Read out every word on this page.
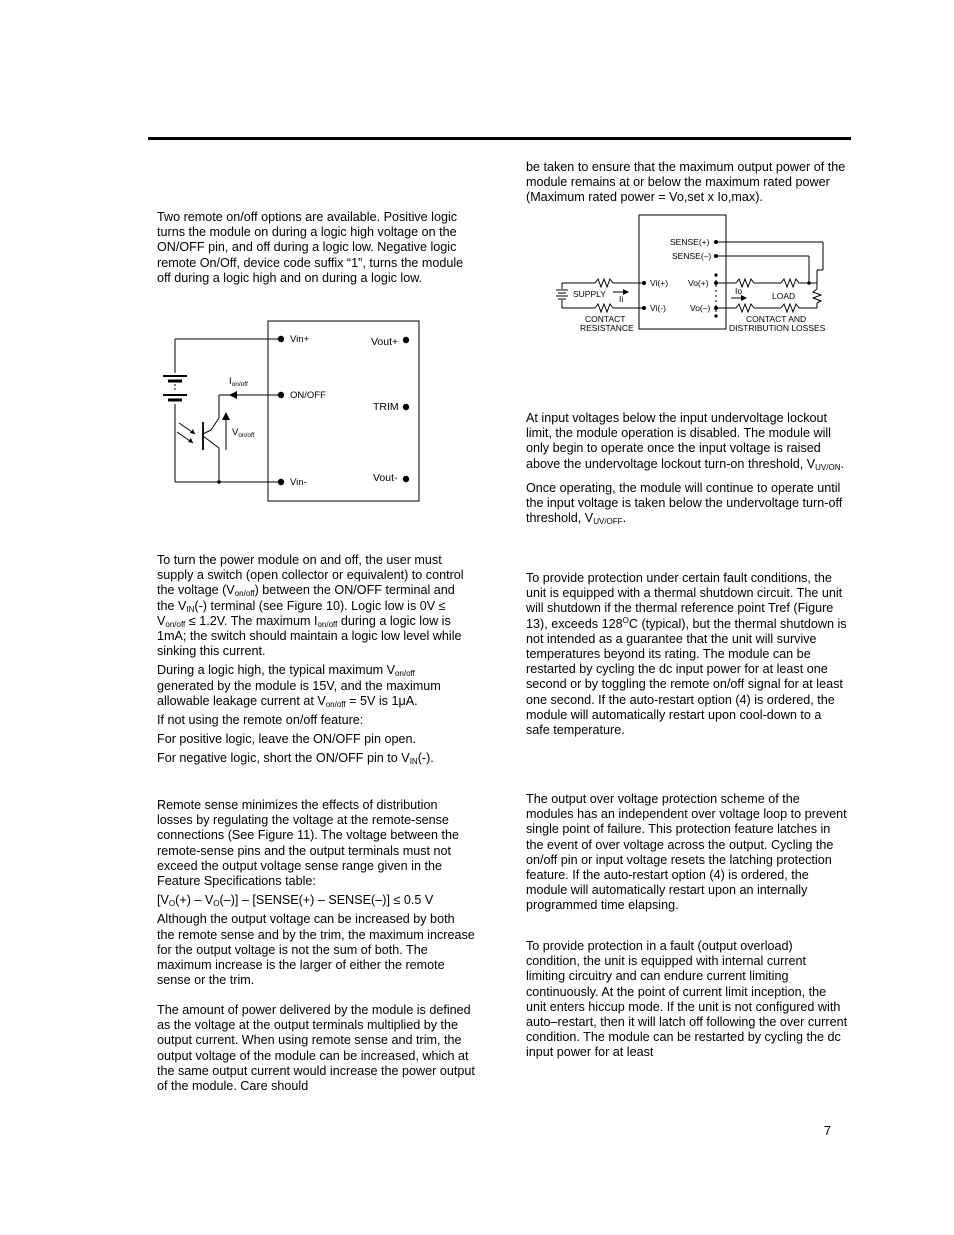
Two remote on/off options are available. Positive logic turns the module on during a logic high voltage on the ON/OFF pin, and off during a logic low. Negative logic remote On/Off, device code suffix “1”, turns the module off during a logic high and on during a logic low.

Vin+
ON/OFF
Vin-
Vout+
TRIM
Vout-
$I_{on/off}$
$V_{on/off}$

To turn the power module on and off, the user must supply a switch (open collector or equivalent) to control the voltage $(V_{on/off})$ between the ON/OFF terminal and the $V_{IN}(-)$ terminal (see Figure 10). Logic low is $0V \le V_{on/off} \le 1.2V$. The maximum $I_{on/off}$ during a logic low is 1mA; the switch should maintain a logic low level while sinking this current.

During a logic high, the typical maximum $V_{on/off}$ generated by the module is 15V, and the maximum allowable leakage current at $V_{on/off} = 5V$ is 1μA.

If not using the remote on/off feature:

For positive logic, leave the ON/OFF pin open.

For negative logic, short the ON/OFF pin to $V_{IN}(-)$.

Remote sense minimizes the effects of distribution losses by regulating the voltage at the remote-sense connections (See Figure 11). The voltage between the remote-sense pins and the output terminals must not exceed the output voltage sense range given in the Feature Specifications table:

$[V_O(+) - V_O(-)]$ – [SENSE(+) – SENSE(–)] ≤ 0.5 V

Although the output voltage can be increased by both the remote sense and by the trim, the maximum increase for the output voltage is not the sum of both. The maximum increase is the larger of either the remote sense or the trim.

The amount of power delivered by the module is defined as the voltage at the output terminals multiplied by the output current. When using remote sense and trim, the output voltage of the module can be increased, which at the same output current would increase the power output of the module. Care should

be taken to ensure that the maximum output power of the module remains at or below the maximum rated power (Maximum rated power = Vo,set x Io,max).

SENSE(+)
SENSE(–)
Vi(+)
Vi(-)
Vo(+)
Vo(–)
SUPPLY Ii
CONTACT
RESISTANCE
Io	LOAD
CONTACT AND
DISTRIBUTION LOSSES

At input voltages below the input undervoltage lockout limit, the module operation is disabled. The module will only begin to operate once the input voltage is raised above the undervoltage lockout turn-on threshold, $V_{UV/ON}$.

Once operating, the module will continue to operate until the input voltage is taken below the undervoltage turn-off threshold, $V_{UV/OFF}$.

To provide protection under certain fault conditions, the unit is equipped with a thermal shutdown circuit. The unit will shutdown if the thermal reference point Tref (Figure 13), exceeds $128^OC$ (typical), but the thermal shutdown is not intended as a guarantee that the unit will survive temperatures beyond its rating. The module can be restarted by cycling the dc input power for at least one second or by toggling the remote on/off signal for at least one second. If the auto-restart option (4) is ordered, the module will automatically restart upon cool-down to a safe temperature.

The output over voltage protection scheme of the modules has an independent over voltage loop to prevent single point of failure. This protection feature latches in the event of over voltage across the output. Cycling the on/off pin or input voltage resets the latching protection feature. If the auto-restart option (4) is ordered, the module will automatically restart upon an internally programmed time elapsing.

To provide protection in a fault (output overload) condition, the unit is equipped with internal current limiting circuitry and can endure current limiting continuously. At the point of current limit inception, the unit enters hiccup mode. If the unit is not configured with auto–restart, then it will latch off following the over current condition. The module can be restarted by cycling the dc input power for at least

7
